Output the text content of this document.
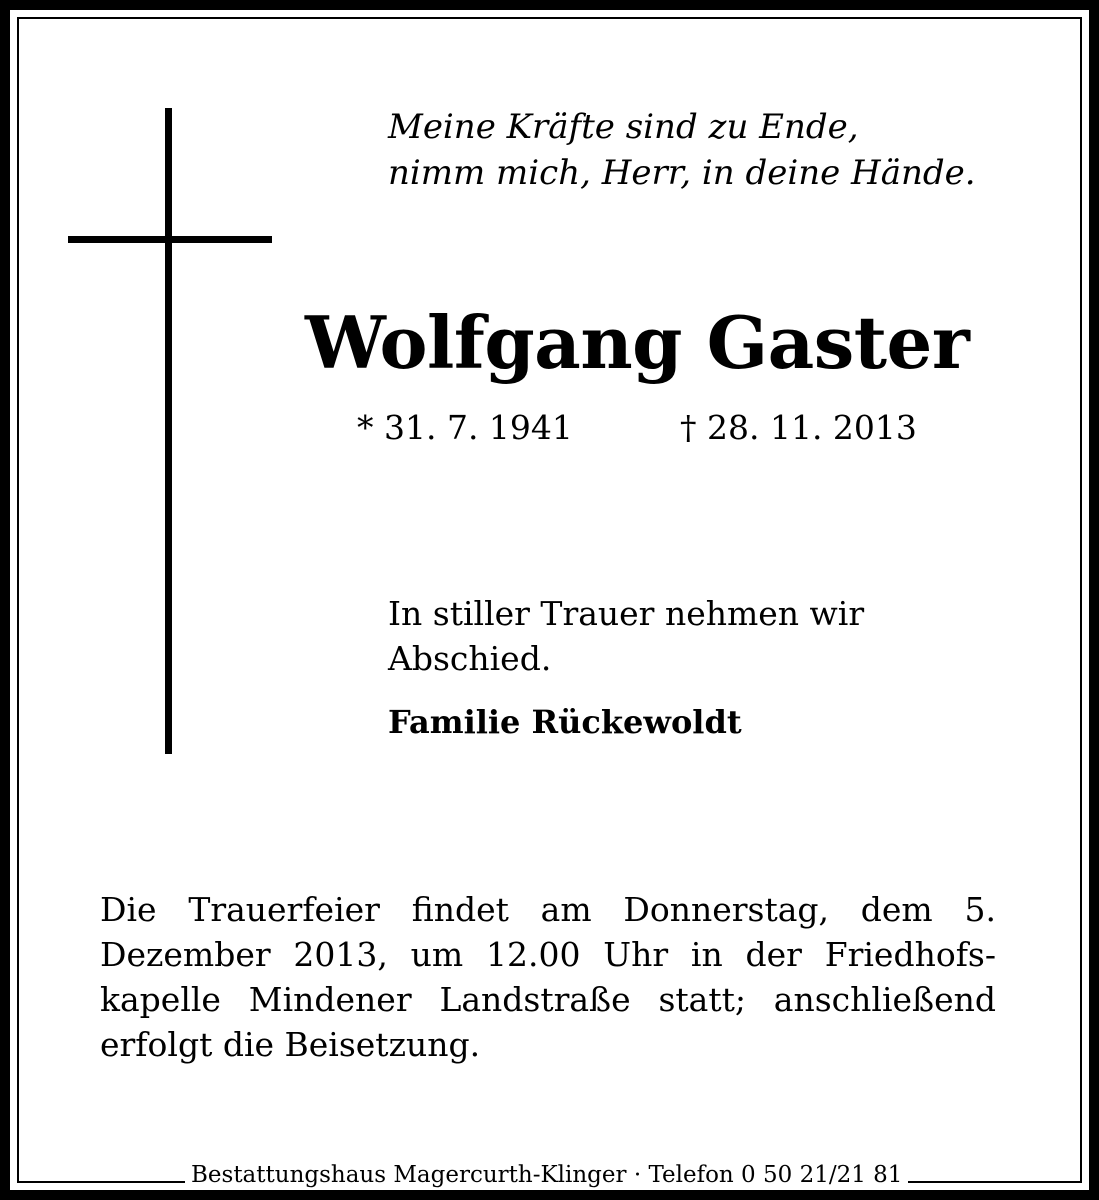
Meine Kräfte sind zu Ende,
nimm mich, Herr, in deine Hände.
Wolfgang Gaster
* 31. 7. 1941	† 28. 11. 2013
In stiller Trauer nehmen wir
Abschied.
Familie Rückewoldt
Die Trauerfeier findet am Donnerstag, dem 5.
Dezember 2013, um 12.00 Uhr in der Friedhofs-
kapelle Mindener Landstraße statt; anschließend
erfolgt die Beisetzung.
Bestattungshaus Magercurth-Klinger · Telefon 0 50 21/21 81
